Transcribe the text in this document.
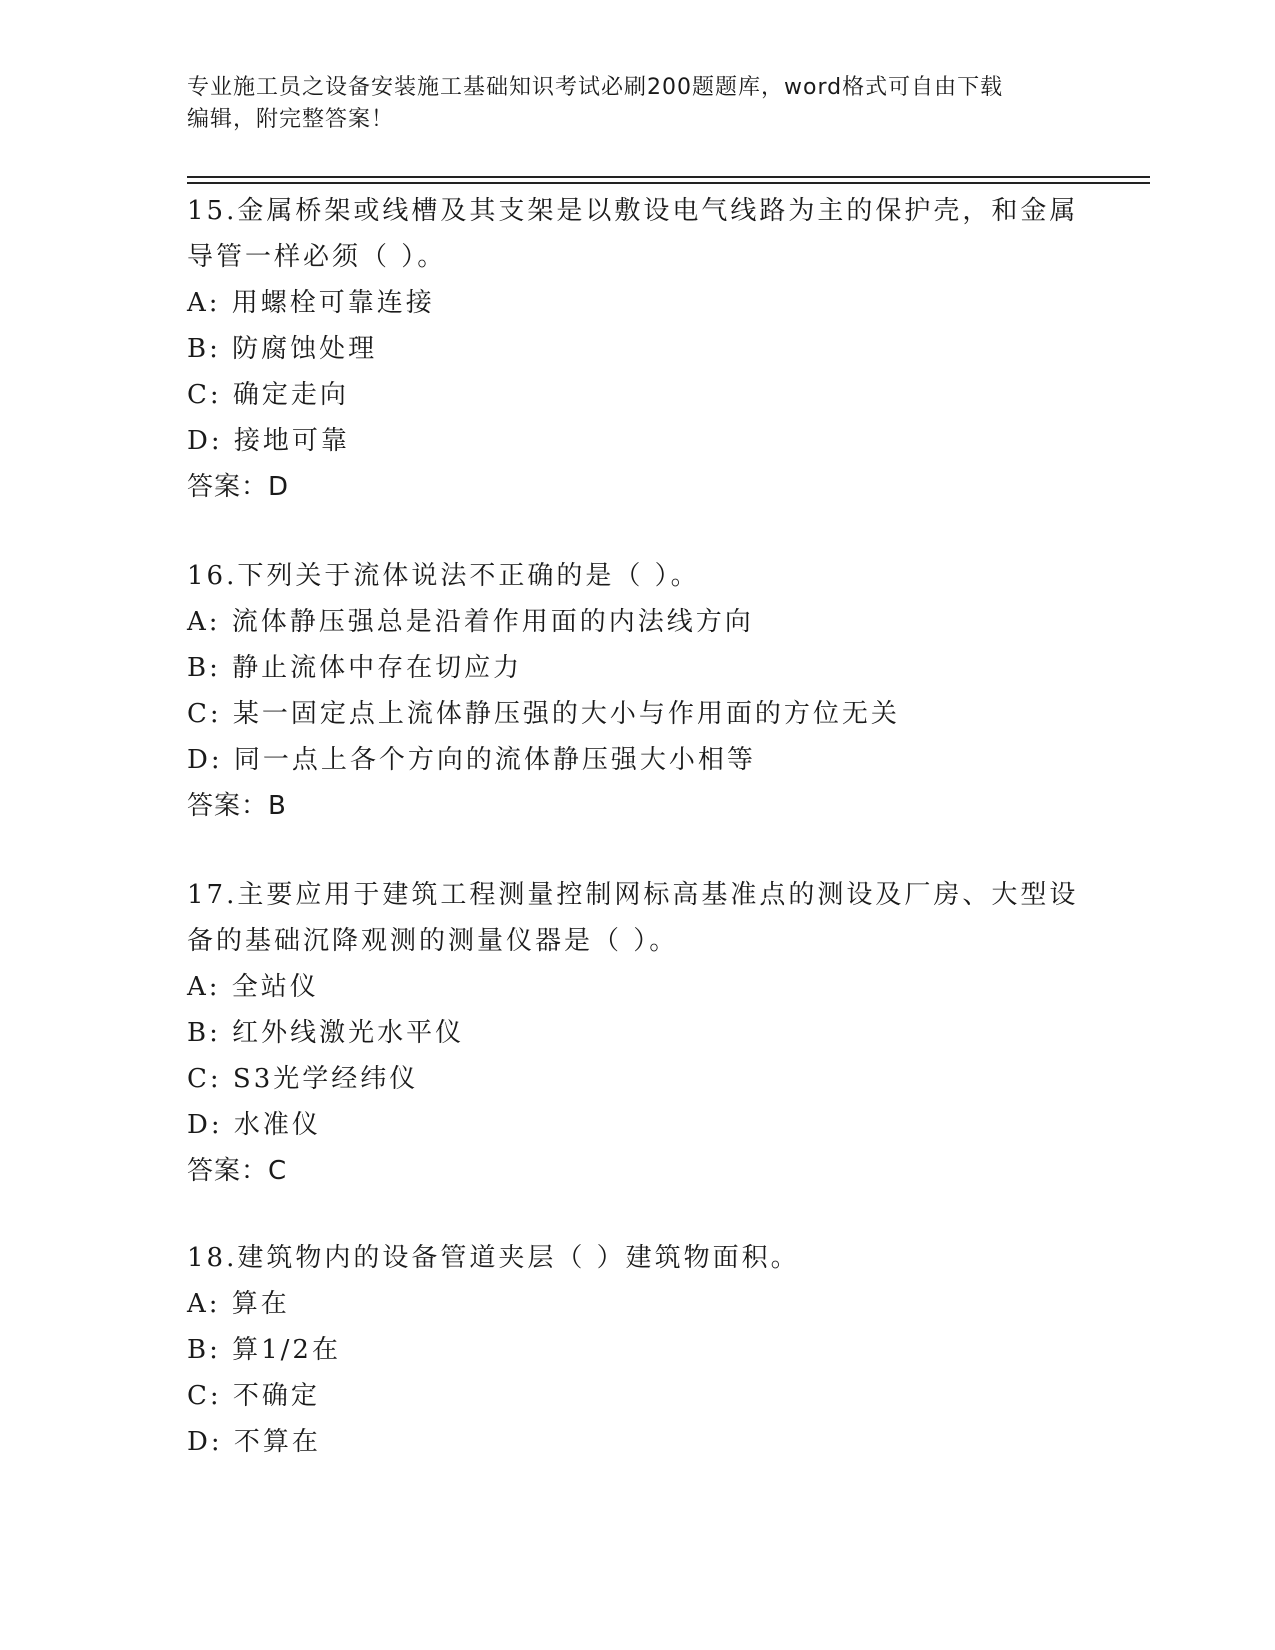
专业施工员之设备安装施工基础知识考试必刷200题题库，word格式可自由下载
编辑，附完整答案！
15.金属桥架或线槽及其支架是以敷设电气线路为主的保护壳，和金属
导管一样必须（ ）。
A: 用螺栓可靠连接
B: 防腐蚀处理
C: 确定走向
D: 接地可靠
答案：D
16.下列关于流体说法不正确的是（ ）。
A: 流体静压强总是沿着作用面的内法线方向
B: 静止流体中存在切应力
C: 某一固定点上流体静压强的大小与作用面的方位无关
D: 同一点上各个方向的流体静压强大小相等
答案：B
17.主要应用于建筑工程测量控制网标高基准点的测设及厂房、大型设
备的基础沉降观测的测量仪器是（ ）。
A: 全站仪
B: 红外线激光水平仪
C: S3光学经纬仪
D: 水准仪
答案：C
18.建筑物内的设备管道夹层（ ）建筑物面积。
A: 算在
B: 算1/2在
C: 不确定
D: 不算在
